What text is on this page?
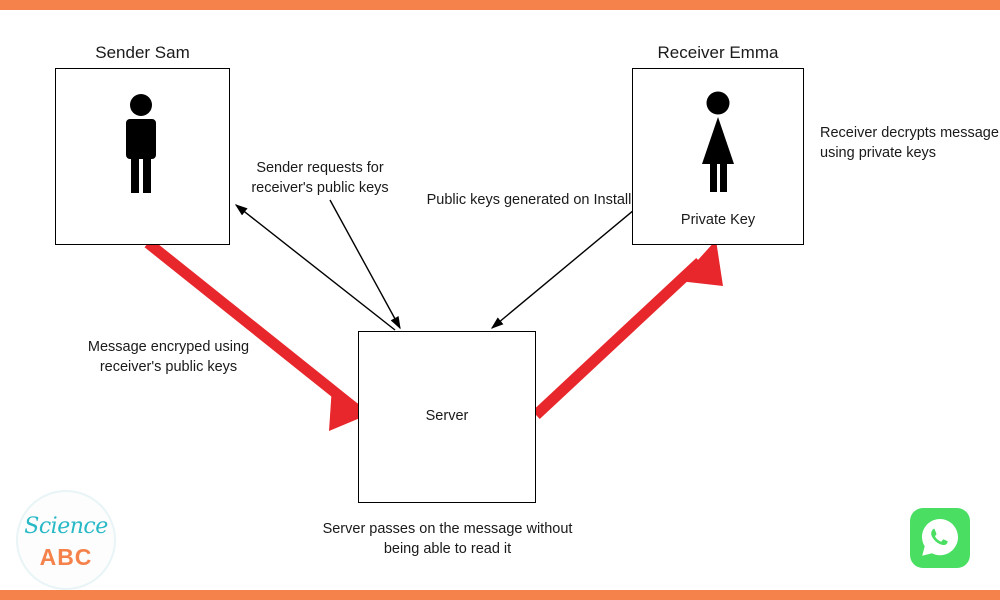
Sender Sam	Receiver Emma
Private Key
Server
Sender requests for receiver's public keys
Public keys generated on Install
Receiver decrypts message using private keys
Message encryped using receiver's public keys
Server passes on the message without being able to read it
Science
ABC
